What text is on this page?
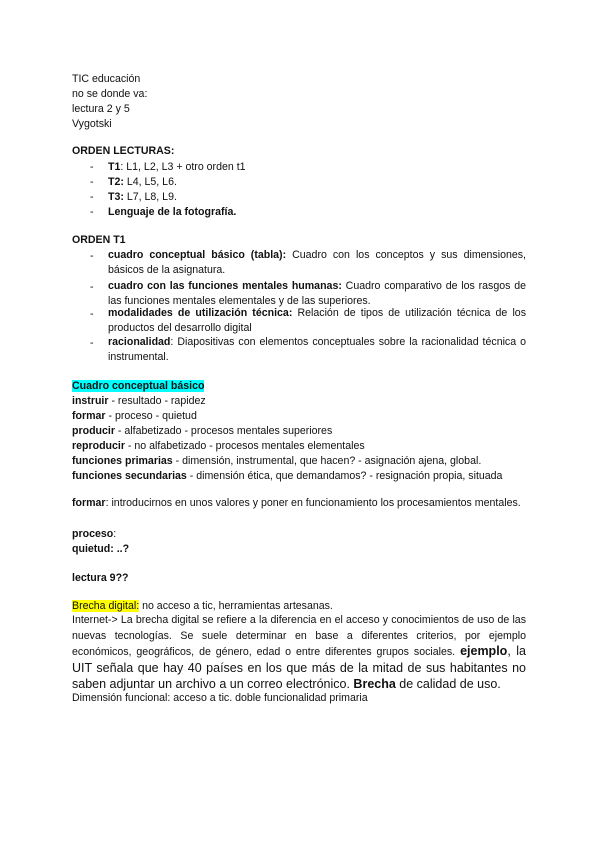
TIC educación
no se donde va:
lectura 2 y 5
Vygotski
ORDEN LECTURAS:
- T1: L1, L2, L3 + otro orden t1
- T2: L4, L5, L6.
- T3: L7, L8, L9.
- Lenguaje de la fotografía.
ORDEN T1
- cuadro conceptual básico (tabla): Cuadro con los conceptos y sus dimensiones, básicos de la asignatura.
- cuadro con las funciones mentales humanas: Cuadro comparativo de los rasgos de las funciones mentales elementales y de las superiores.
- modalidades de utilización técnica: Relación de tipos de utilización técnica de los productos del desarrollo digital
- racionalidad: Diapositivas con elementos conceptuales sobre la racionalidad técnica o instrumental.
Cuadro conceptual básico
instruir - resultado - rapidez
formar - proceso - quietud
producir - alfabetizado - procesos mentales superiores
reproducir - no alfabetizado - procesos mentales elementales
funciones primarias - dimensión, instrumental, que hacen? - asignación ajena, global.
funciones secundarias - dimensión ética, que demandamos? - resignación propia, situada
formar: introducirnos en unos valores y poner en funcionamiento los procesamientos mentales.
proceso:
quietud: ..?
lectura 9??
Brecha digital: no acceso a tic, herramientas artesanas.
Internet-> La brecha digital se refiere a la diferencia en el acceso y conocimientos de uso de las nuevas tecnologías. Se suele determinar en base a diferentes criterios, por ejemplo económicos, geográficos, de género, edad o entre diferentes grupos sociales. ejemplo, la UIT señala que hay 40 países en los que más de la mitad de sus habitantes no saben adjuntar un archivo a un correo electrónico. Brecha de calidad de uso.
Dimensión funcional: acceso a tic. doble funcionalidad primaria
